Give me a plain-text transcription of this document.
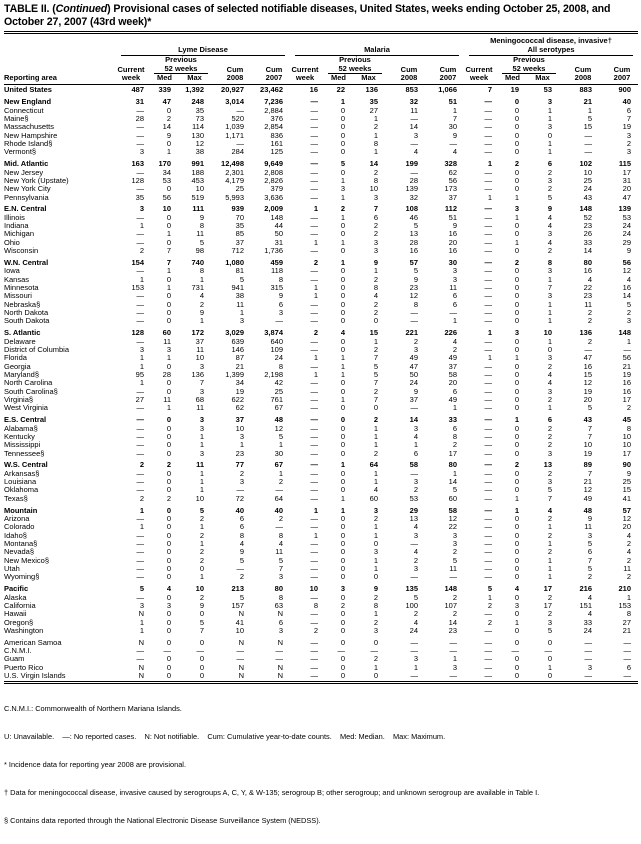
TABLE II. (Continued) Provisional cases of selected notifiable diseases, United States, weeks ending October 25, 2008, and October 27, 2007 (43rd week)*
Reporting area	Lyme Disease					Malaria					Meningococcal disease, invasive†
All serotypes				

	Current week	Previous 52 weeks		Cum 2008	Cum 2007	Current week	Previous 52 weeks		Cum 2008	Cum 2007	Current week	Previous 52 weeks		Cum 2008	Cum 2007
		Med	Max				Med	Max				Med	Max		
United States	487	339	1,392	20,927	23,462	16	22	136	853	1,066	7	19	53	883	900
New England	31	47	248	3,014	7,236	—	1	35	32	51	—	0	3	21	40
Connecticut	—	0	35	—	2,884	—	0	27	11	1	—	0	1	1	6
Maine§	28	2	73	520	376	—	0	1	—	7	—	0	1	5	7
Massachusetts	—	14	114	1,039	2,854	—	0	2	14	30	—	0	3	15	19
New Hampshire	—	9	130	1,171	836	—	0	1	3	9	—	0	0	—	3
Rhode Island§	—	0	12	—	161	—	0	8	—	—	—	0	1	—	2
Vermont§	3	1	38	284	125	—	0	1	4	4	—	0	1	—	3
Mid. Atlantic	163	170	991	12,498	9,649	—	5	14	199	328	1	2	6	102	115
New Jersey	—	34	188	2,301	2,808	—	0	2	—	62	—	0	2	10	17
New York (Upstate)	128	53	453	4,179	2,826	—	1	8	28	56	—	0	3	25	31
New York City	—	0	10	25	379	—	3	10	139	173	—	0	2	24	20
Pennsylvania	35	56	519	5,993	3,636	—	1	3	32	37	1	1	5	43	47
E.N. Central	3	10	111	939	2,009	1	2	7	108	112	—	3	9	148	139
Illinois	—	0	9	70	148	—	1	6	46	51	—	1	4	52	53
Indiana	1	0	8	35	44	—	0	2	5	9	—	0	4	23	24
Michigan	—	1	11	85	50	—	0	2	13	16	—	0	3	26	24
Ohio	—	0	5	37	31	1	1	3	28	20	—	1	4	33	29
Wisconsin	2	7	98	712	1,736	—	0	3	16	16	—	0	2	14	9
W.N. Central	154	7	740	1,080	459	2	1	9	57	30	—	2	8	80	56
Iowa	—	1	8	81	118	—	0	1	5	3	—	0	3	16	12
Kansas	1	0	1	5	8	—	0	2	9	3	—	0	1	4	4
Minnesota	153	1	731	941	315	1	0	8	23	11	—	0	7	22	16
Missouri	—	0	4	38	9	1	0	4	12	6	—	0	3	23	14
Nebraska§	—	0	2	11	6	—	0	2	8	6	—	0	1	11	5
North Dakota	—	0	9	1	3	—	0	2	—	—	—	0	1	2	2
South Dakota	—	0	1	3	—	—	0	0	—	1	—	0	1	2	3
S. Atlantic	128	60	172	3,029	3,874	2	4	15	221	226	1	3	10	136	148
Delaware	—	11	37	639	640	—	0	1	2	4	—	0	1	2	1
District of Columbia	3	3	11	146	109	—	0	2	3	2	—	0	0	—	—
Florida	1	1	10	87	24	1	1	7	49	49	1	1	3	47	56
Georgia	1	0	3	21	8	—	1	5	47	37	—	0	2	16	21
Maryland§	95	28	136	1,399	2,198	1	1	5	50	58	—	0	4	15	19
North Carolina	1	0	7	34	42	—	0	7	24	20	—	0	4	12	16
South Carolina§	—	0	3	19	25	—	0	2	9	6	—	0	3	19	16
Virginia§	27	11	68	622	761	—	1	7	37	49	—	0	2	20	17
West Virginia	—	1	11	62	67	—	0	0	—	1	—	0	1	5	2
E.S. Central	—	0	3	37	48	—	0	2	14	33	—	1	6	43	45
Alabama§	—	0	3	10	12	—	0	1	3	6	—	0	2	7	8
Kentucky	—	0	1	3	5	—	0	1	4	8	—	0	2	7	10
Mississippi	—	0	1	1	1	—	0	1	1	2	—	0	2	10	10
Tennessee§	—	0	3	23	30	—	0	2	6	17	—	0	3	19	17
W.S. Central	2	2	11	77	67	—	1	64	58	80	—	2	13	89	90
Arkansas§	—	0	1	2	1	—	0	1	—	1	—	0	2	7	9
Louisiana	—	0	1	3	2	—	0	1	3	14	—	0	3	21	25
Oklahoma	—	0	1	—	—	—	0	4	2	5	—	0	5	12	15
Texas§	2	2	10	72	64	—	1	60	53	60	—	1	7	49	41
Mountain	1	0	5	40	40	1	1	3	29	58	—	1	4	48	57
Arizona	—	0	2	6	2	—	0	2	13	12	—	0	2	9	12
Colorado	1	0	1	6	—	—	0	1	4	22	—	0	1	11	20
Idaho§	—	0	2	8	8	1	0	1	3	3	—	0	2	3	4
Montana§	—	0	1	4	4	—	0	0	—	3	—	0	1	5	2
Nevada§	—	0	2	9	11	—	0	3	4	2	—	0	2	6	4
New Mexico§	—	0	2	5	5	—	0	1	2	5	—	0	1	7	2
Utah	—	0	0	—	7	—	0	1	3	11	—	0	1	5	11
Wyoming§	—	0	1	2	3	—	0	0	—	—	—	0	1	2	2
Pacific	5	4	10	213	80	10	3	9	135	148	5	4	17	216	210
Alaska	—	0	2	5	8	—	0	2	5	2	1	0	2	4	1
California	3	3	9	157	63	8	2	8	100	107	2	3	17	151	153
Hawaii	N	0	0	N	N	—	0	1	2	2	—	0	2	4	8
Oregon§	1	0	5	41	6	—	0	2	4	14	2	1	3	33	27
Washington	1	0	7	10	3	2	0	3	24	23	—	0	5	24	21
American Samoa	N	0	0	N	N	—	0	0	—	—	—	0	0	—	—
C.N.M.I.	—	—	—	—	—	—	—	—	—	—	—	—	—	—	—
Guam	—	0	0	—	—	—	0	2	3	1	—	0	0	—	—
Puerto Rico	N	0	0	N	N	—	0	1	1	3	—	0	1	3	6
U.S. Virgin Islands	N	0	0	N	N	—	0	0	—	—	—	0	0	—	—

C.N.M.I.: Commonwealth of Northern Mariana Islands.

U: Unavailable.    —: No reported cases.    N: Not notifiable.    Cum: Cumulative year-to-date counts.    Med: Median.    Max: Maximum.

* Incidence data for reporting year 2008 are provisional.

† Data for meningococcal disease, invasive caused by serogroups A, C, Y, & W-135; serogroup B; other serogroup; and unknown serogroup are available in Table I.

§ Contains data reported through the National Electronic Disease Surveillance System (NEDSS).
